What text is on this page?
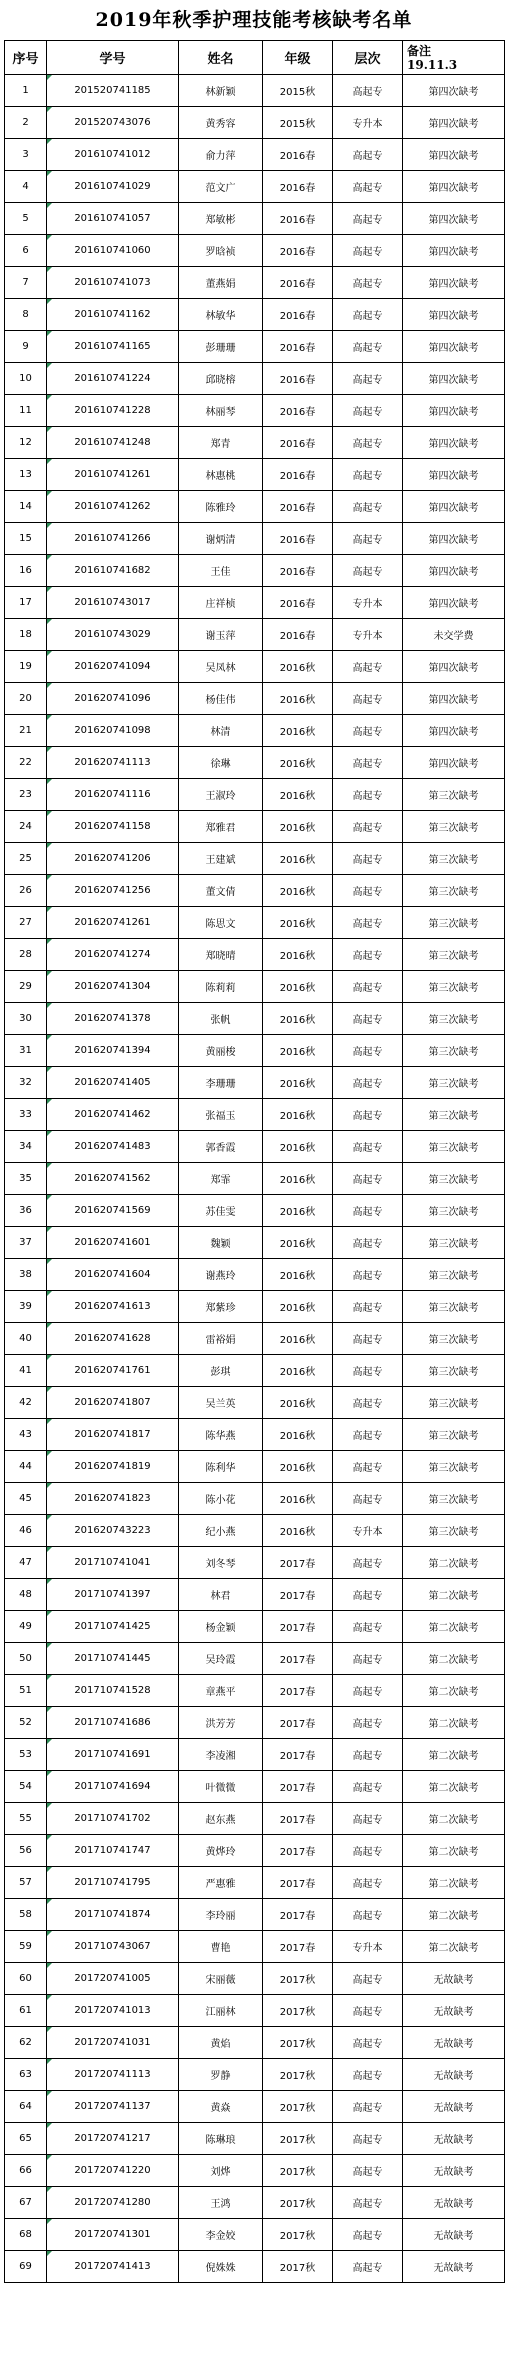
2019年秋季护理技能考核缺考名单
序号	学号	姓名	年级	层次	备注
19.11.3

1	201520741185	林新颖	2015秋	高起专	第四次缺考
2	201520743076	黄秀容	2015秋	专升本	第四次缺考
3	201610741012	俞力萍	2016春	高起专	第四次缺考
4	201610741029	范文广	2016春	高起专	第四次缺考
5	201610741057	郑敏彬	2016春	高起专	第四次缺考
6	201610741060	罗晗祯	2016春	高起专	第四次缺考
7	201610741073	董燕娟	2016春	高起专	第四次缺考
8	201610741162	林敏华	2016春	高起专	第四次缺考
9	201610741165	彭珊珊	2016春	高起专	第四次缺考
10	201610741224	邱晓榕	2016春	高起专	第四次缺考
11	201610741228	林丽琴	2016春	高起专	第四次缺考
12	201610741248	郑青	2016春	高起专	第四次缺考
13	201610741261	林惠桃	2016春	高起专	第四次缺考
14	201610741262	陈雅玲	2016春	高起专	第四次缺考
15	201610741266	谢炳清	2016春	高起专	第四次缺考
16	201610741682	王佳	2016春	高起专	第四次缺考
17	201610743017	庄祥桢	2016春	专升本	第四次缺考
18	201610743029	谢玉萍	2016春	专升本	未交学费
19	201620741094	吴凤林	2016秋	高起专	第四次缺考
20	201620741096	杨佳伟	2016秋	高起专	第四次缺考
21	201620741098	林清	2016秋	高起专	第四次缺考
22	201620741113	徐琳	2016秋	高起专	第四次缺考
23	201620741116	王淑玲	2016秋	高起专	第三次缺考
24	201620741158	郑雅君	2016秋	高起专	第三次缺考
25	201620741206	王建斌	2016秋	高起专	第三次缺考
26	201620741256	董文倩	2016秋	高起专	第三次缺考
27	201620741261	陈思文	2016秋	高起专	第三次缺考
28	201620741274	郑晓晴	2016秋	高起专	第三次缺考
29	201620741304	陈莉莉	2016秋	高起专	第三次缺考
30	201620741378	张帆	2016秋	高起专	第三次缺考
31	201620741394	黄丽梭	2016秋	高起专	第三次缺考
32	201620741405	李珊珊	2016秋	高起专	第三次缺考
33	201620741462	张福玉	2016秋	高起专	第三次缺考
34	201620741483	郭香霞	2016秋	高起专	第三次缺考
35	201620741562	郑霏	2016秋	高起专	第三次缺考
36	201620741569	苏佳雯	2016秋	高起专	第三次缺考
37	201620741601	魏颖	2016秋	高起专	第三次缺考
38	201620741604	谢燕玲	2016秋	高起专	第三次缺考
39	201620741613	郑紫珍	2016秋	高起专	第三次缺考
40	201620741628	雷裕娟	2016秋	高起专	第三次缺考
41	201620741761	彭琪	2016秋	高起专	第三次缺考
42	201620741807	吴兰英	2016秋	高起专	第三次缺考
43	201620741817	陈华燕	2016秋	高起专	第三次缺考
44	201620741819	陈利华	2016秋	高起专	第三次缺考
45	201620741823	陈小花	2016秋	高起专	第三次缺考
46	201620743223	纪小燕	2016秋	专升本	第三次缺考
47	201710741041	刘冬琴	2017春	高起专	第二次缺考
48	201710741397	林君	2017春	高起专	第二次缺考
49	201710741425	杨金颖	2017春	高起专	第二次缺考
50	201710741445	吴玲霞	2017春	高起专	第二次缺考
51	201710741528	章燕平	2017春	高起专	第二次缺考
52	201710741686	洪芳芳	2017春	高起专	第二次缺考
53	201710741691	李凌湘	2017春	高起专	第二次缺考
54	201710741694	叶微微	2017春	高起专	第二次缺考
55	201710741702	赵东燕	2017春	高起专	第二次缺考
56	201710741747	黄烨玲	2017春	高起专	第二次缺考
57	201710741795	严惠雅	2017春	高起专	第二次缺考
58	201710741874	李玲丽	2017春	高起专	第二次缺考
59	201710743067	曹艳	2017春	专升本	第二次缺考
60	201720741005	宋丽薇	2017秋	高起专	无故缺考
61	201720741013	江丽林	2017秋	高起专	无故缺考
62	201720741031	黄焰	2017秋	高起专	无故缺考
63	201720741113	罗静	2017秋	高起专	无故缺考
64	201720741137	黄焱	2017秋	高起专	无故缺考
65	201720741217	陈琳琅	2017秋	高起专	无故缺考
66	201720741220	刘烨	2017秋	高起专	无故缺考
67	201720741280	王鸿	2017秋	高起专	无故缺考
68	201720741301	李金姣	2017秋	高起专	无故缺考
69	201720741413	倪姝姝	2017秋	高起专	无故缺考
